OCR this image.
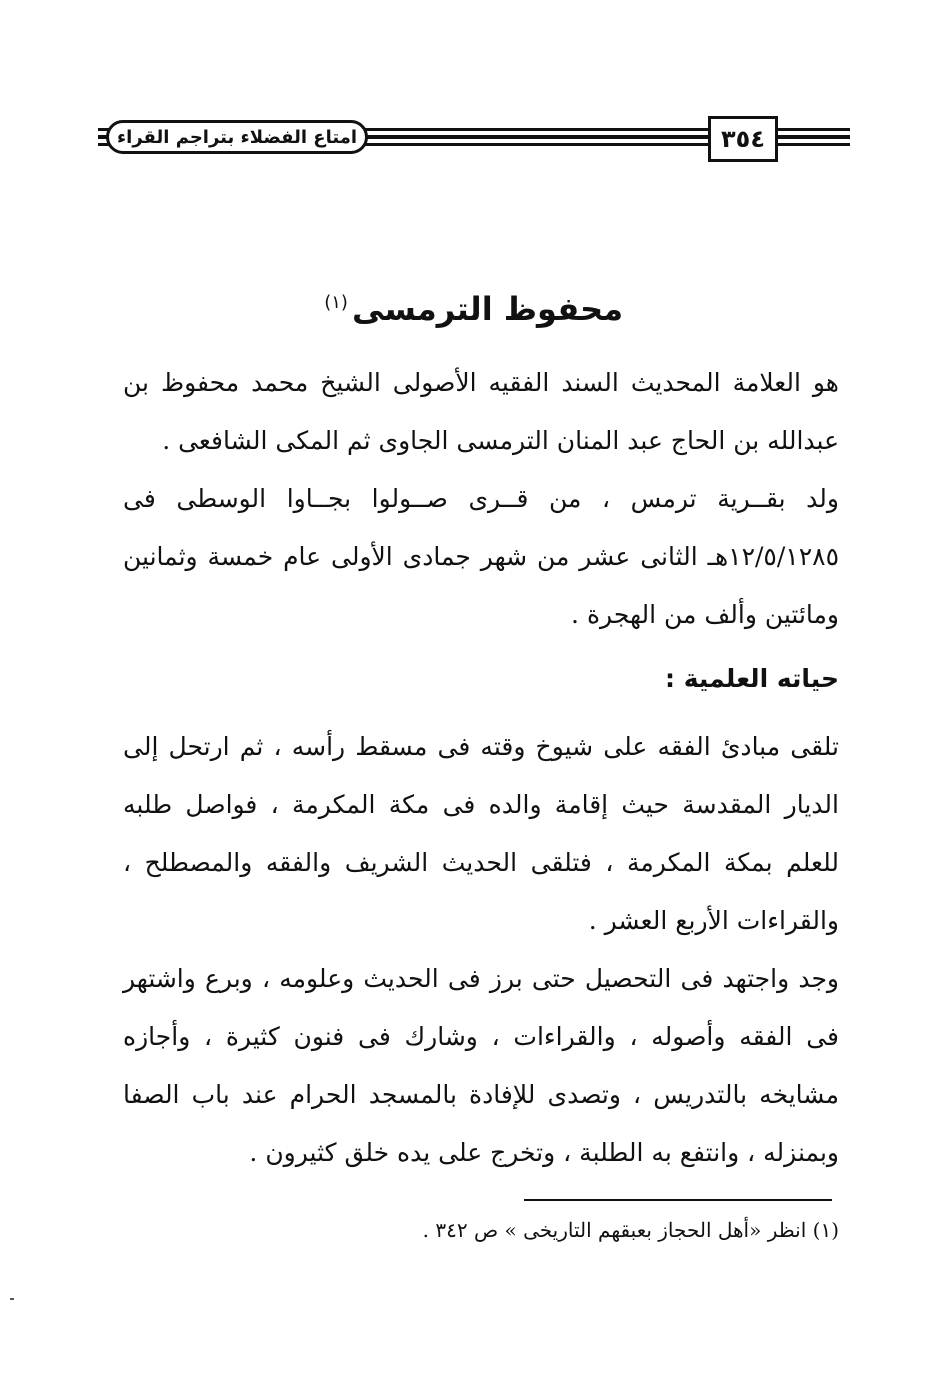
امتاع الفضلاء بتراجم القراء	٣٥٤
محفوظ الترمسى$^{(١)}$

هو العلامة المحديث السند الفقيه الأصولى الشيخ محمد محفوظ بن عبدالله بن الحاج عبد المنان الترمسى الجاوى ثم المكى الشافعى .

ولد بقــرية ترمس ، من قــرى صــولوا بجــاوا الوسطى فى ١٢/٥/١٢٨٥هـ الثانى عشر من شهر جمادى الأولى عام خمسة وثمانين ومائتين وألف من الهجرة .

حياته العلمية :

تلقى مبادئ الفقه على شيوخ وقته فى مسقط رأسه ، ثم ارتحل إلى الديار المقدسة حيث إقامة والده فى مكة المكرمة ، فواصل طلبه للعلم بمكة المكرمة ، فتلقى الحديث الشريف والفقه والمصطلح ، والقراءات الأربع العشر .

وجد واجتهد فى التحصيل حتى برز فى الحديث وعلومه ، وبرع واشتهر فى الفقه وأصوله ، والقراءات ، وشارك فى فنون كثيرة ، وأجازه مشايخه بالتدريس ، وتصدى للإفادة بالمسجد الحرام عند باب الصفا وبمنزله ، وانتفع به الطلبة ، وتخرج على يده خلق كثيرون .

(١) انظر «أهل الحجاز بعبقهم التاريخى » ص ٣٤٢ .
